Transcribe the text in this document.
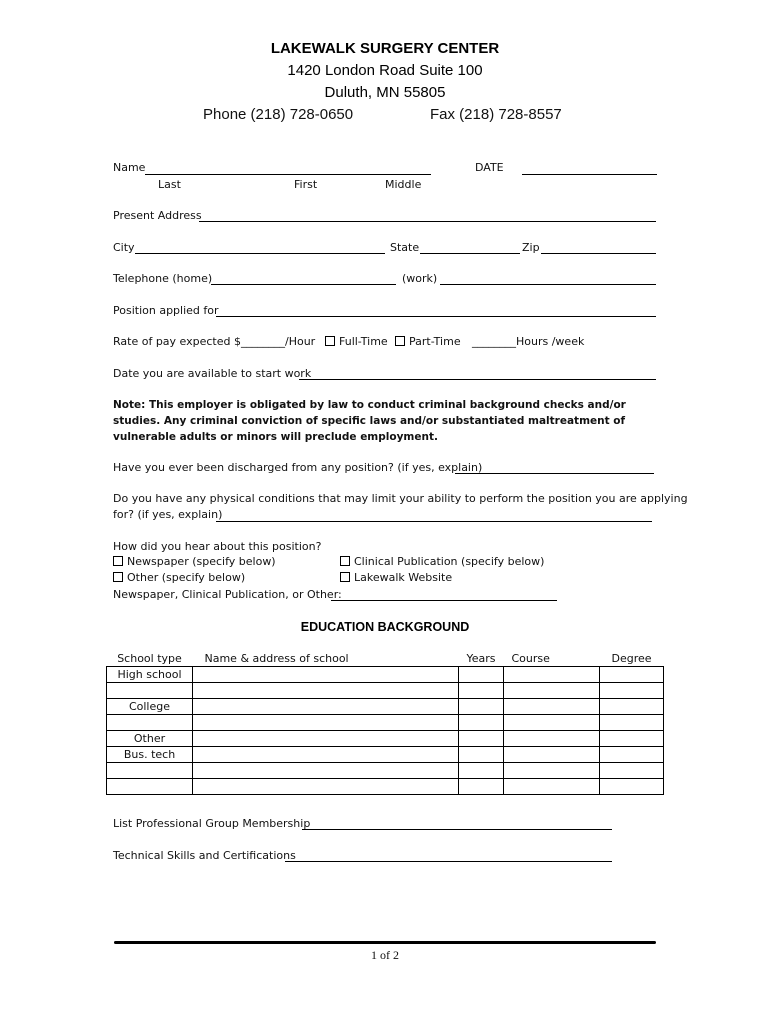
LAKEWALK SURGERY CENTER
1420 London Road Suite 100
Duluth, MN 55805
Phone (218) 728-0650	Fax (218) 728-8557
Name	DATE
Last	First	Middle
Present Address
City	State	Zip
Telephone (home)	(work)
Position applied for
Rate of pay expected $________/Hour	Full-Time	Part-Time ________Hours /week
Date you are available to start work
Note: This employer is obligated by law to conduct criminal background checks and/or studies. Any criminal conviction of specific laws and/or substantiated maltreatment of vulnerable adults or minors will preclude employment.
Have you ever been discharged from any position? (if yes, explain)
Do you have any physical conditions that may limit your ability to perform the position you are applying
for? (if yes, explain)
How did you hear about this position?
Newspaper (specify below)	Clinical Publication (specify below)
Other (specify below)	Lakewalk Website
Newspaper, Clinical Publication, or Other:
EDUCATION BACKGROUND
School type	Name & address of school	Years	Course	Degree
High school				

College				

Other				
Bus. tech				

List Professional Group Membership
Technical Skills and Certifications
1 of 2
